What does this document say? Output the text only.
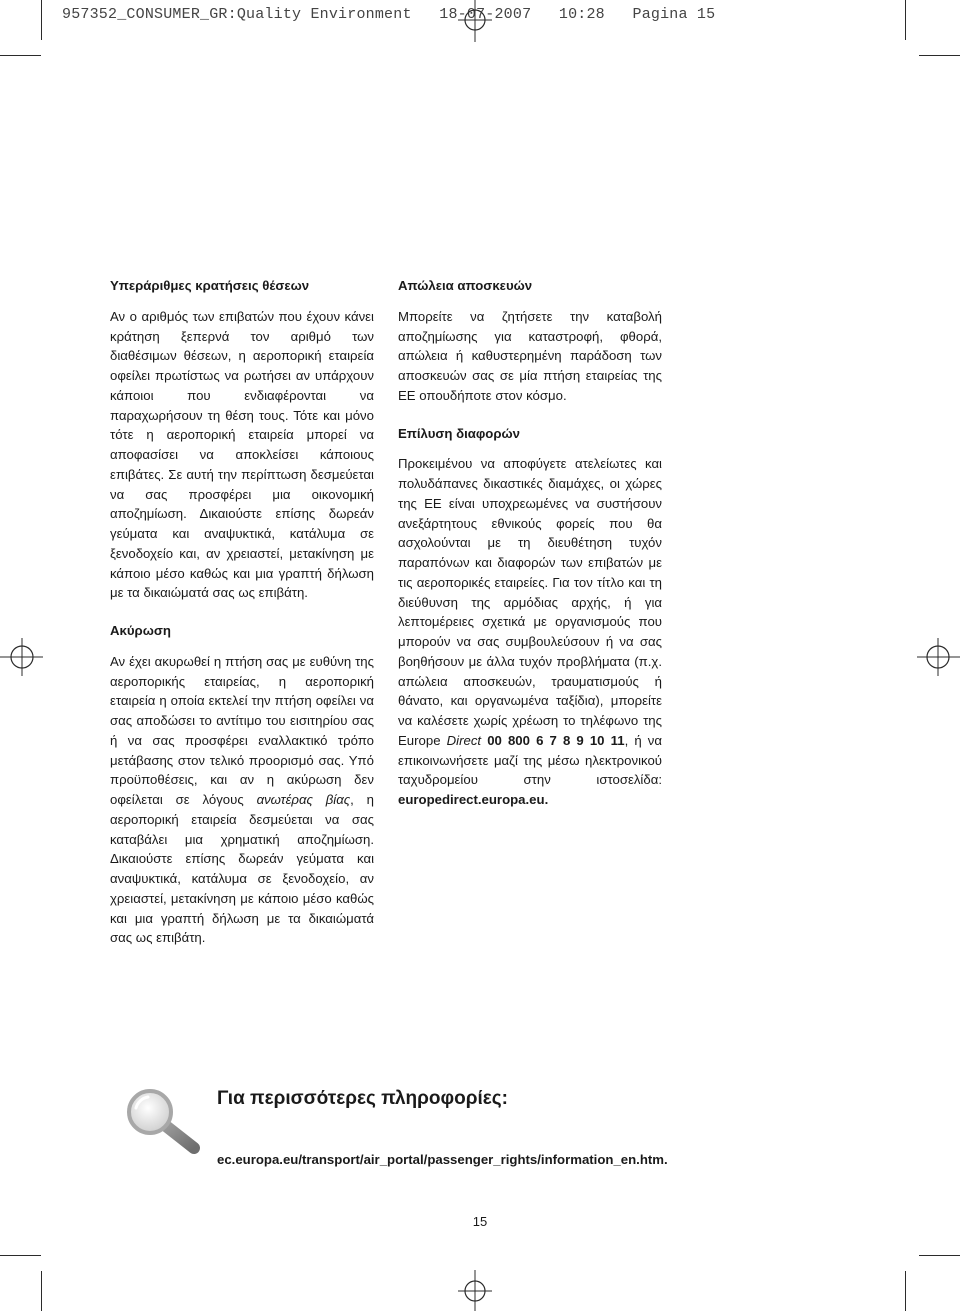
957352_CONSUMER_GR:Quality Environment   18-07-2007   10:28   Pagina 15
Υπεράριθμες κρατήσεις θέσεων

Αν ο αριθμός των επιβατών που έχουν κάνει κράτηση ξεπερνά τον αριθμό των διαθέσιμων θέσεων, η αεροπορική εταιρεία οφείλει πρωτίστως να ρωτήσει αν υπάρχουν κάποιοι που ενδιαφέρονται να παραχωρήσουν τη θέση τους. Τότε και μόνο τότε η αεροπορική εταιρεία μπορεί να αποφασίσει να αποκλείσει κάποιους επιβάτες. Σε αυτή την περίπτωση δεσμεύεται να σας προσφέρει μια οικονομική αποζημίωση. Δικαιούστε επίσης δωρεάν γεύματα και αναψυκτικά, κατάλυμα σε ξενοδοχείο και, αν χρειαστεί, μετακίνηση με κάποιο μέσο καθώς και μια γραπτή δήλωση με τα δικαιώματά σας ως επιβάτη.

Ακύρωση

Αν έχει ακυρωθεί η πτήση σας με ευθύνη της αεροπορικής εταιρείας, η αεροπορική εταιρεία η οποία εκτελεί την πτήση οφείλει να σας αποδώσει το αντίτιμο του εισιτηρίου σας ή να σας προσφέρει εναλλακτικό τρόπο μετάβασης στον τελικό προορισμό σας. Υπό προϋποθέσεις, και αν η ακύρωση δεν οφείλεται σε λόγους ανωτέρας βίας, η αεροπορική εταιρεία δεσμεύεται να σας καταβάλει μια χρηματική αποζημίωση. Δικαιούστε επίσης δωρεάν γεύματα και αναψυκτικά, κατάλυμα σε ξενοδοχείο, αν χρειαστεί, μετακίνηση με κάποιο μέσο καθώς και μια γραπτή δήλωση με τα δικαιώματά σας ως επιβάτη.

Απώλεια αποσκευών

Μπορείτε να ζητήσετε την καταβολή αποζημίωσης για καταστροφή, φθορά, απώλεια ή καθυστερημένη παράδοση των αποσκευών σας σε μία πτήση εταιρείας της ΕΕ οπουδήποτε στον κόσμο.

Επίλυση διαφορών

Προκειμένου να αποφύγετε ατελείωτες και πολυδάπανες δικαστικές διαμάχες, οι χώρες της ΕΕ είναι υποχρεωμένες να συστήσουν ανεξάρτητους εθνικούς φορείς που θα ασχολούνται με τη διευθέτηση τυχόν παραπόνων και διαφορών των επιβατών με τις αεροπορικές εταιρείες. Για τον τίτλο και τη διεύθυνση της αρμόδιας αρχής, ή για λεπτομέρειες σχετικά με οργανισμούς που μπορούν να σας συμβουλεύσουν ή να σας βοηθήσουν με άλλα τυχόν προβλήματα (π.χ. απώλεια αποσκευών, τραυματισμούς ή θάνατο, και οργανωμένα ταξίδια), μπορείτε να καλέσετε χωρίς χρέωση το τηλέφωνο της Europe Direct 00 800 6 7 8 9 10 11, ή να επικοινωνήσετε μαζί της μέσω ηλεκτρονικού ταχυδρομείου στην ιστοσελίδα: europedirect.europa.eu.

Για περισσότερες πληροφορίες:
ec.europa.eu/transport/air_portal/passenger_rights/information_en.htm.
15
